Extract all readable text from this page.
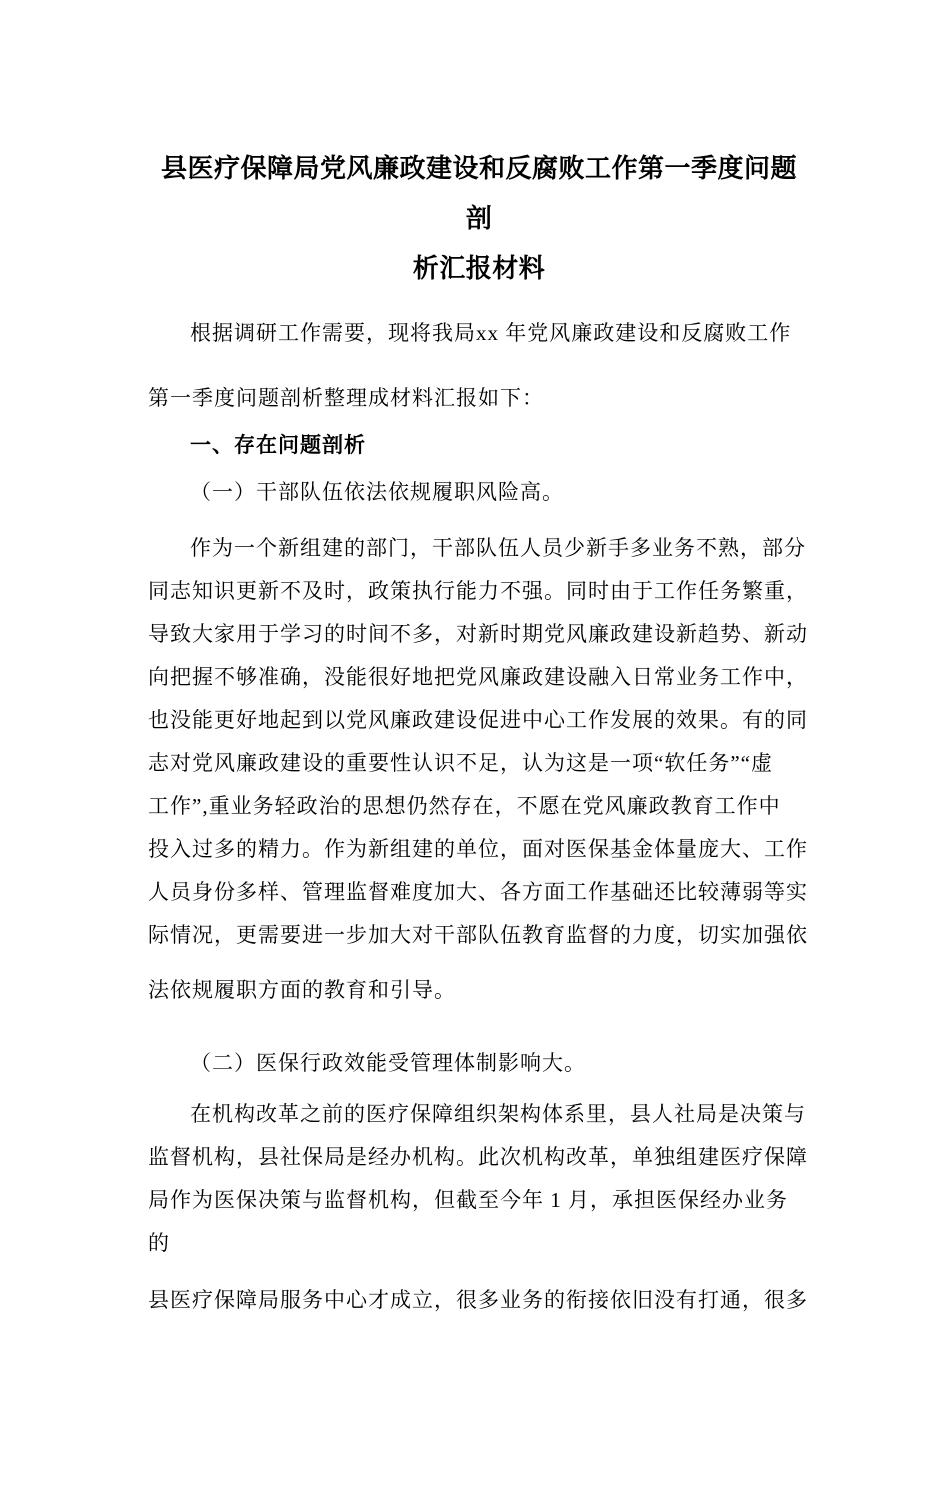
县医疗保障局党风廉政建设和反腐败工作第一季度问题剖
析汇报材料
根据调研工作需要，现将我局xx 年党风廉政建设和反腐败工作
第一季度问题剖析整理成材料汇报如下：
一、存在问题剖析
（一）干部队伍依法依规履职风险高。
作为一个新组建的部门，干部队伍人员少新手多业务不熟，部分
同志知识更新不及时，政策执行能力不强。同时由于工作任务繁重，
导致大家用于学习的时间不多，对新时期党风廉政建设新趋势、新动
向把握不够准确，没能很好地把党风廉政建设融入日常业务工作中，
也没能更好地起到以党风廉政建设促进中心工作发展的效果。有的同
志对党风廉政建设的重要性认识不足，认为这是一项“软任务”“虚
工作”,重业务轻政治的思想仍然存在，不愿在党风廉政教育工作中
投入过多的精力。作为新组建的单位，面对医保基金体量庞大、工作
人员身份多样、管理监督难度加大、各方面工作基础还比较薄弱等实
际情况，更需要进一步加大对干部队伍教育监督的力度，切实加强依
法依规履职方面的教育和引导。
（二）医保行政效能受管理体制影响大。
在机构改革之前的医疗保障组织架构体系里，县人社局是决策与
监督机构，县社保局是经办机构。此次机构改革，单独组建医疗保障
局作为医保决策与监督机构，但截至今年 1 月，承担医保经办业务
的
县医疗保障局服务中心才成立，很多业务的衔接依旧没有打通，很多
